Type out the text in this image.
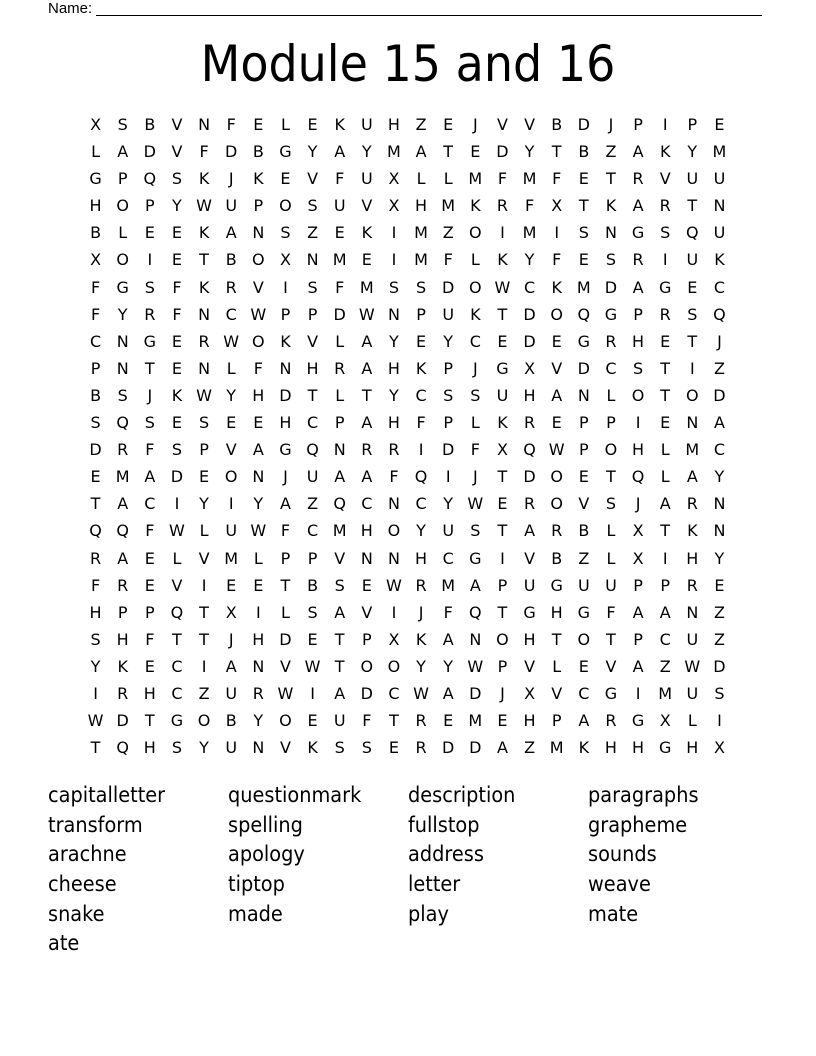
Name:
Module 15 and 16
X	S	B	V N	F	E	L	E	K	U H Z	E	J	V	V	B D	J	P	I	P	E
L	A D V	F	D B G	Y	A	Y M A	T	E D	Y	T	B	Z	A	K	Y M
G	P	Q S	K	J	K	E	V	F	U X	L	L M F M F	E	T	R	V U U
H O	P	Y W U	P	O S	U V	X H M K	R	F	X	T	K	A	R	T	N
B	L	E	E	K	A N	S	Z	E	K	I	M Z O	I	M	I	S	N G S Q U
X O	I	E	T	B O X N M E	I	M F	L	K	Y	F	E	S	R	I	U	K
F	G S	F	K	R	V	I	S	F M S	S D O W C	K M D A G E	C
F	Y	R	F	N C W P	P	D W N	P	U	K	T	D O Q G	P	R	S Q
C N G E	R W O K	V	L	A	Y	E	Y	C	E D E G R H	E	T	J
P	N	T	E	N	L	F	N H R	A H K	P	J	G X	V D C	S	T	I	Z
B	S	J	K W Y	H D	T	L	T	Y	C	S	S	U H A N	L	O T O D
S Q S	E	S	E	E	H C	P	A H	F	P	L	K	R	E	P	P	I	E	N A
D R	F	S	P	V	A G Q N R	R	I	D	F	X Q W P	O H	L M C
E M A D E O N	J	U A	A	F	Q	I	J	T	D O E	T Q	L	A	Y
T	A	C	I	Y	I	Y	A	Z Q C N C	Y W E	R O V	S	J	A	R N
Q Q	F W L	U W F	C M H O Y	U	S	T	A	R	B	L	X	T	K N
R	A	E	L	V M L	P	P	V N N H C G	I	V	B	Z	L	X	I	H	Y
F	R	E	V	I	E	E	T	B	S	E W R M A	P	U G U U	P	P	R	E
H	P	P	Q T	X	I	L	S	A	V	I	J	F	Q T	G H G	F	A	A N Z
S	H	F	T	T	J	H D E	T	P	X	K	A N O H	T O T	P	C U Z
Y	K	E	C	I	A N V W T O O Y	Y W P	V	L	E	V	A	Z W D
I	R H C	Z U R W	I	A D C W A D	J	X	V	C G	I	M U	S
W D	T	G O B	Y O E	U	F	T	R	E M E	H	P	A	R G X	L	I
T Q H	S	Y	U N V	K	S	S	E	R D D A	Z M K H H G H X
capitalletter	questionmark	description	paragraphs
transform	spelling	fullstop	grapheme
arachne	apology	address	sounds
cheese	tiptop	letter	weave
snake	made	play	mate
ate
